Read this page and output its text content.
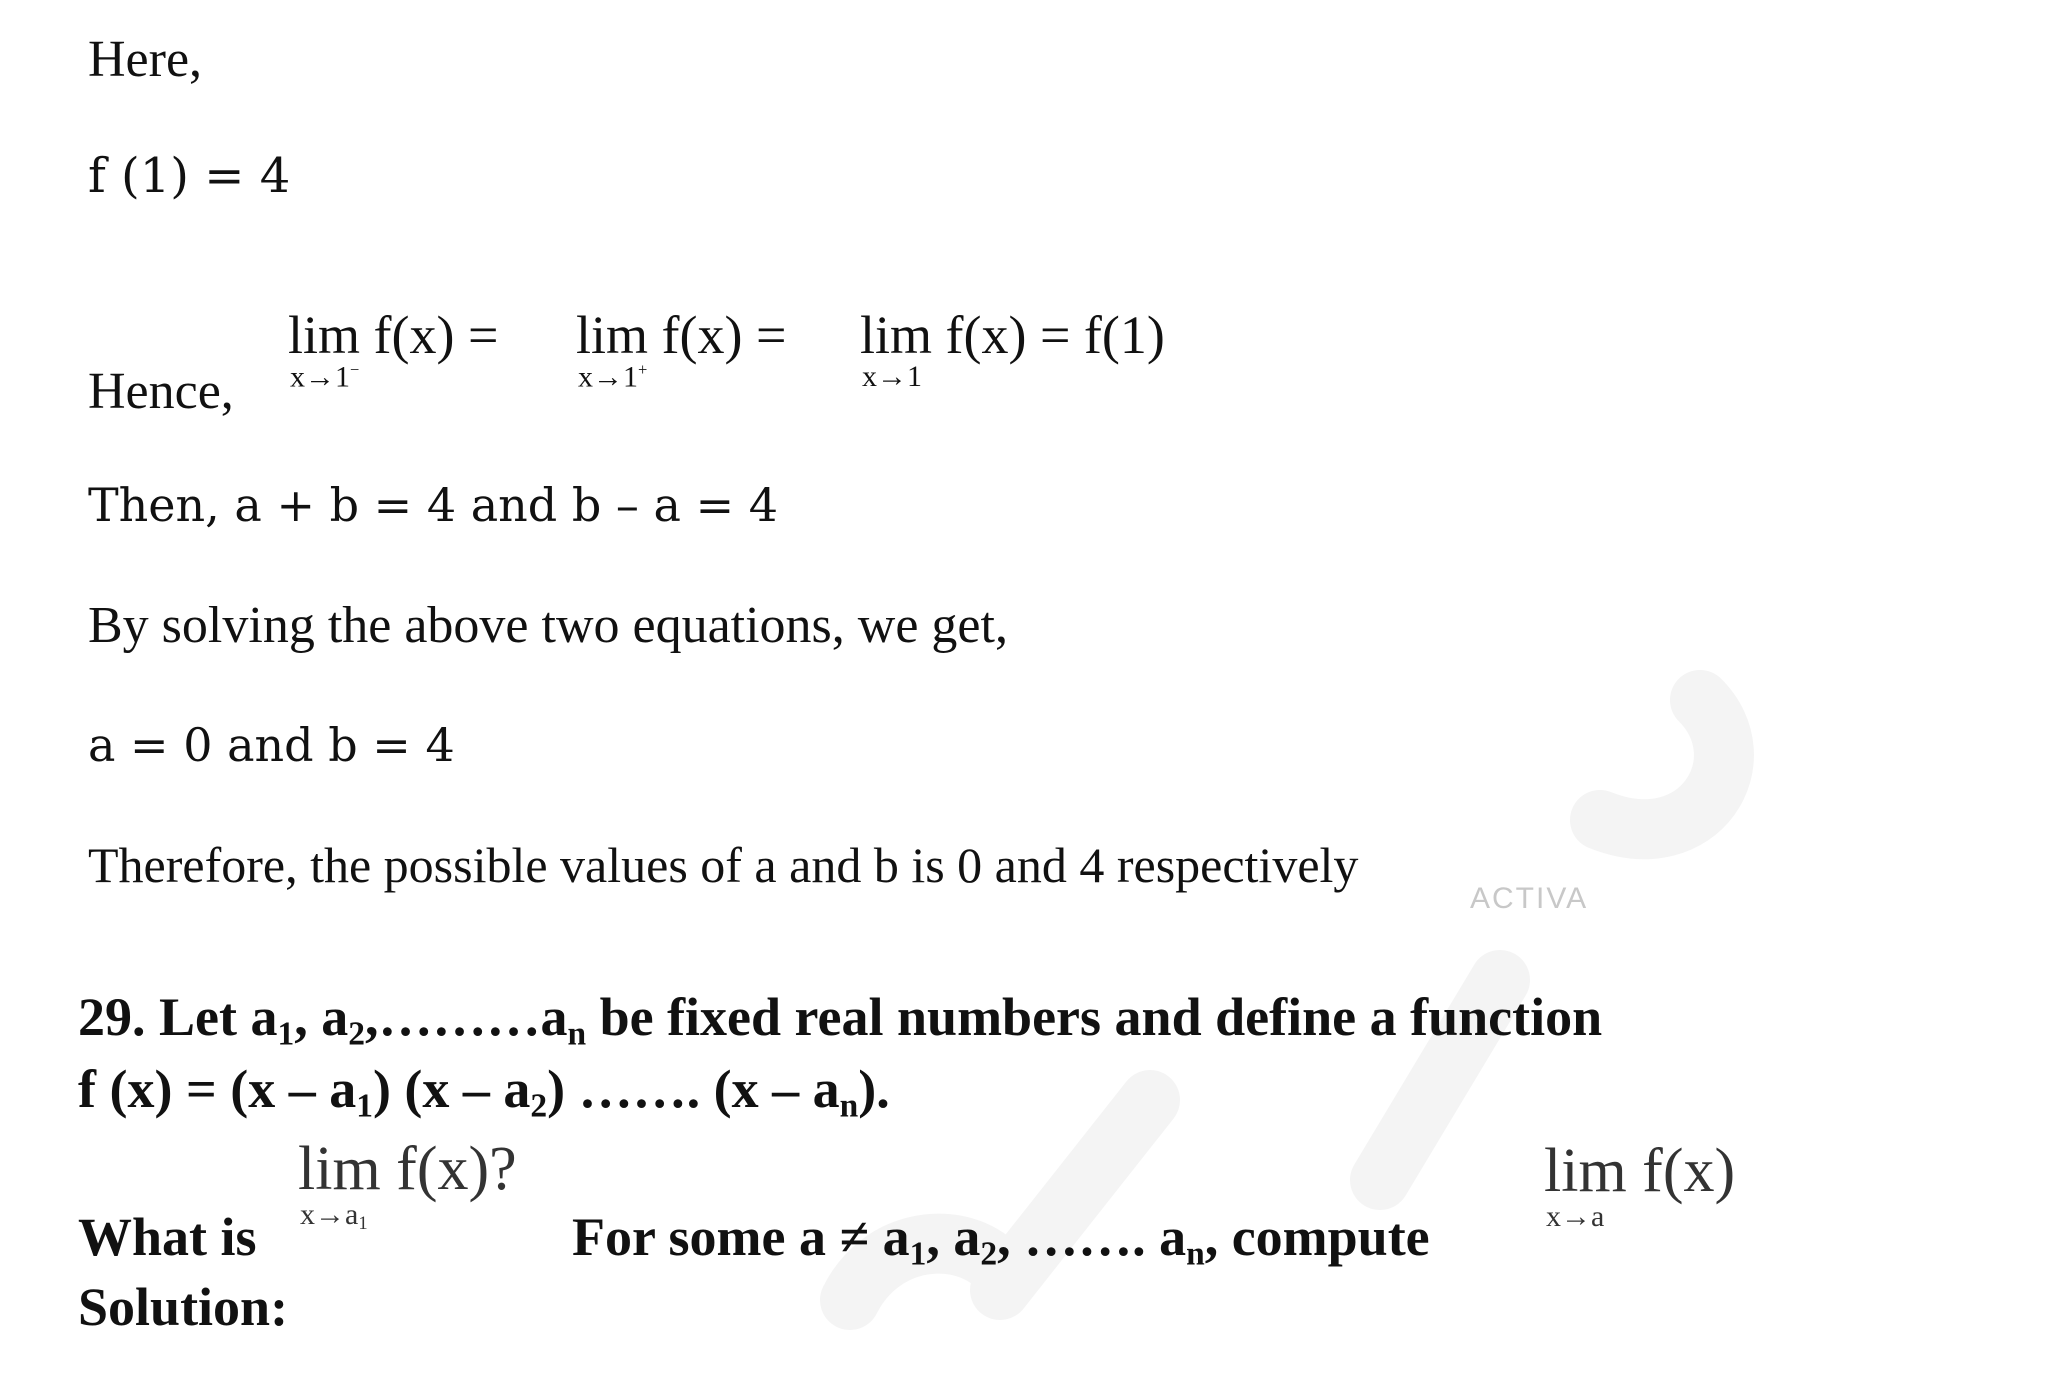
Here,
f (1) = 4
Hence,
lim f(x) =
x→1−
lim f(x) =
x→1+
lim f(x) = f(1)
x→1
Then, a + b = 4 and b – a = 4
By solving the above two equations, we get,
a = 0 and b = 4
Therefore, the possible values of a and b is 0 and 4 respectively
ACTIVA
29. Let $a_1$, $a_2,\dots\dots\dots a_n$ be fixed real numbers and define a function
f $(x) = (x - a_1)$ $(x - a_2)$ ……. $(x - a_n)$.
What is
lim f(x)?
$x\to a_1$	For some $a \ne a_1$, $a_2$, ……. $a_n$, compute
lim f(x)
x→a
Solution:
